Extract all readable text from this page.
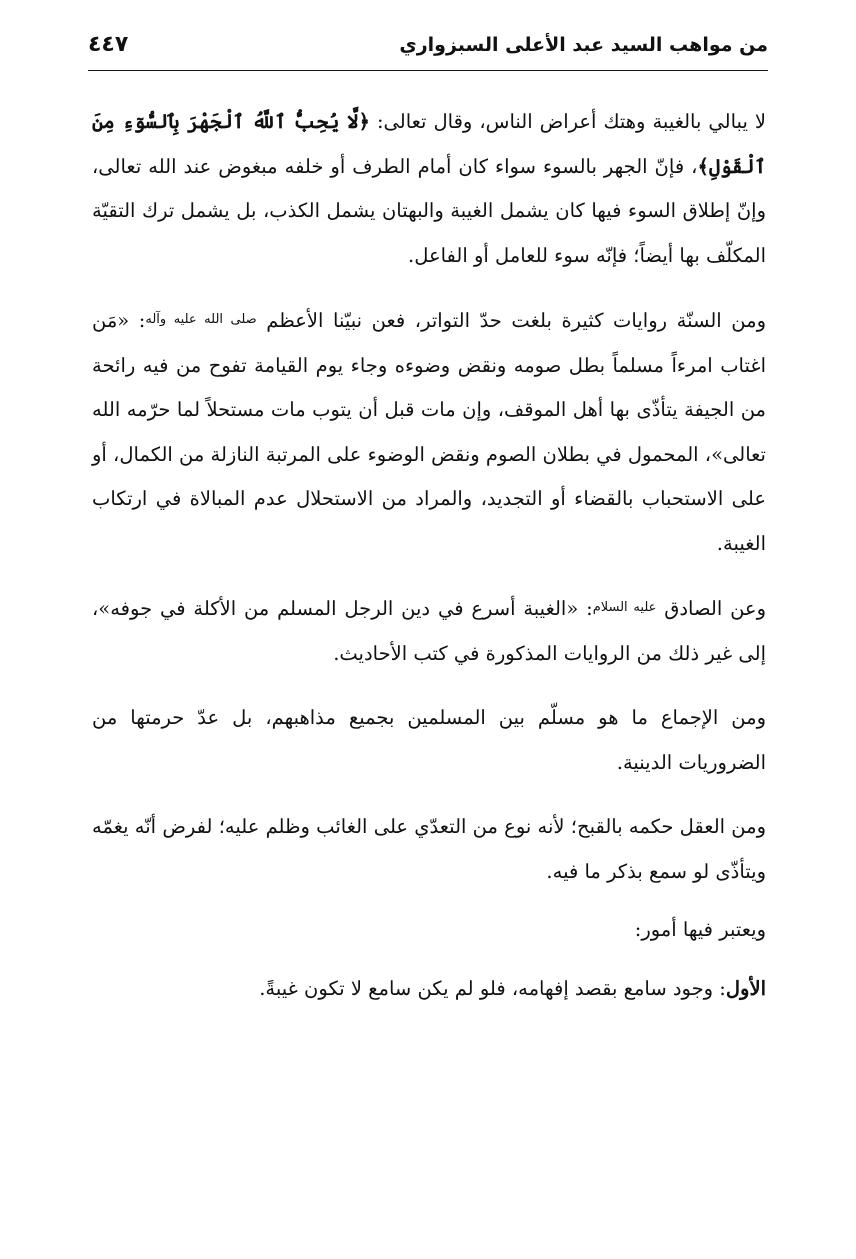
من مواهب السيد عبد الأعلى السبزواري
٤٤٧

لا يبالي بالغيبة وهتك أعراض الناس، وقال تعالى: ﴿لَّا يُحِبُّ ٱللَّهُ ٱلْجَهْرَ بِٱلسُّوٓءِ مِنَ ٱلْقَوْلِ﴾، فإنّ الجهر بالسوء سواء كان أمام الطرف أو خلفه مبغوض عند الله تعالى، وإنّ إطلاق السوء فيها كان يشمل الغيبة والبهتان يشمل الكذب، بل يشمل ترك التقيّة المكلّف بها أيضاً؛ فإنّه سوء للعامل أو الفاعل.

ومن السنّة روايات كثيرة بلغت حدّ التواتر، فعن نبيّنا الأعظم $^{صلى الله عليه وآله}$: «مَن اغتاب امرءاً مسلماً بطل صومه ونقض وضوءه وجاء يوم القيامة تفوح من فيه رائحة من الجيفة يتأذّى بها أهل الموقف، وإن مات قبل أن يتوب مات مستحلاً لما حرّمه الله تعالى»، المحمول في بطلان الصوم ونقض الوضوء على المرتبة النازلة من الكمال، أو على الاستحباب بالقضاء أو التجديد، والمراد من الاستحلال عدم المبالاة في ارتكاب الغيبة.

وعن الصادق $^{عليه السلام}$: «الغيبة أسرع في دين الرجل المسلم من الأكلة في جوفه»، إلى غير ذلك من الروايات المذكورة في كتب الأحاديث.

ومن الإجماع ما هو مسلّم بين المسلمين بجميع مذاهبهم، بل عدّ حرمتها من الضروريات الدينية.

ومن العقل حكمه بالقبح؛ لأنه نوع من التعدّي على الغائب وظلم عليه؛ لفرض أنّه يغمّه ويتأذّى لو سمع بذكر ما فيه.

ويعتبر فيها أمور:

الأول: وجود سامع بقصد إفهامه، فلو لم يكن سامع لا تكون غيبةً.
